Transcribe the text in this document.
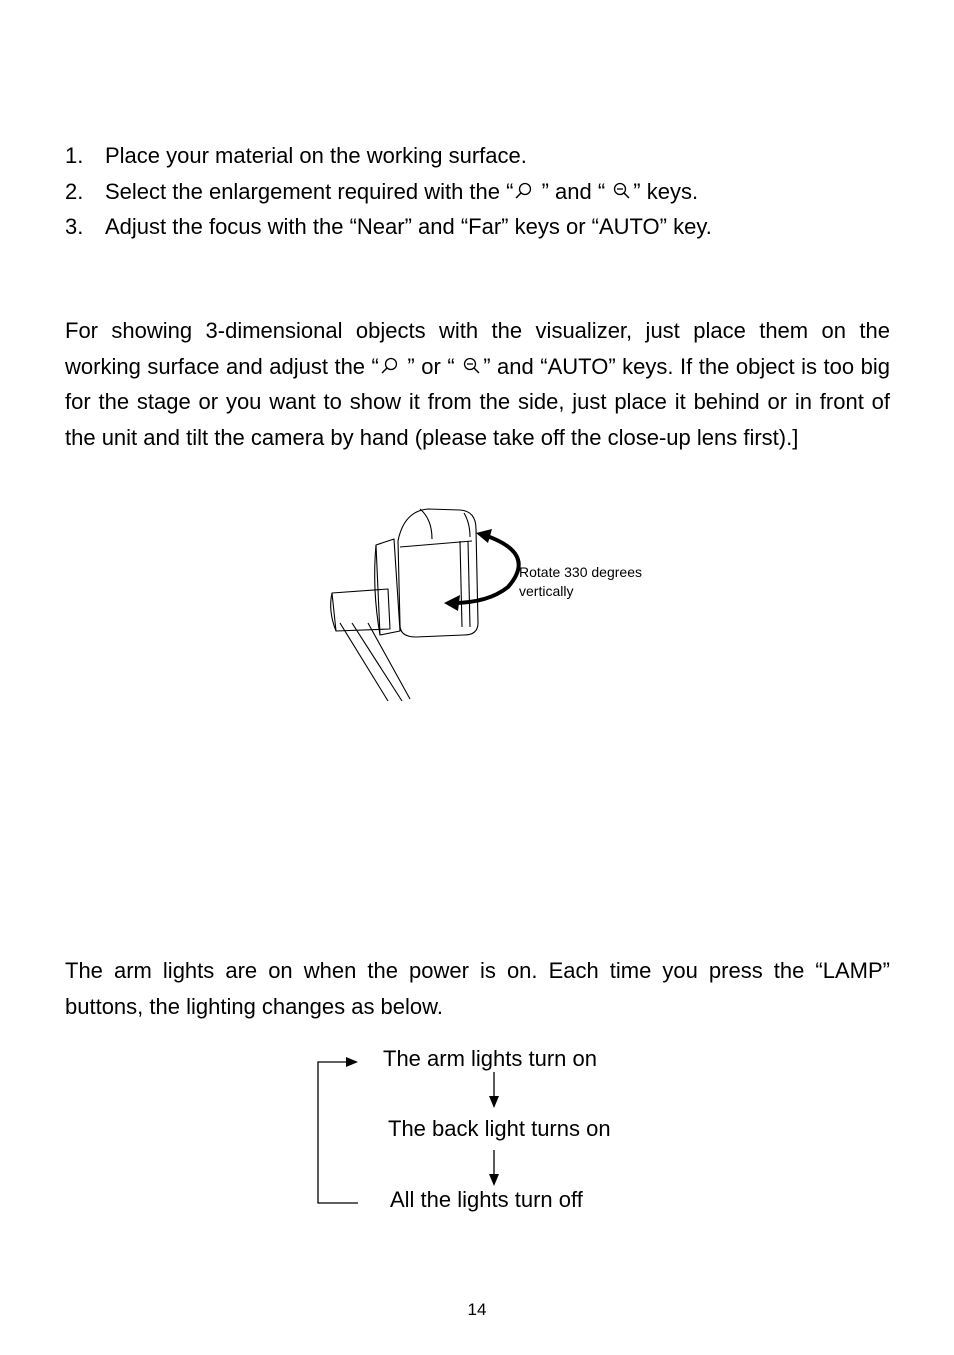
1. Place your material on the working surface.
2. Select the enlargement required with the “ ” and “ ” keys.
3. Adjust the focus with the “Near” and “Far” keys or “AUTO” key.

For showing 3-dimensional objects with the visualizer, just place them on the working surface and adjust the “ ” or “ ” and “AUTO” keys. If the object is too big for the stage or you want to show it from the side, just place it behind or in front of the unit and tilt the camera by hand (please take off the close-up lens first).]

Rotate 330 degrees
vertically

The arm lights are on when the power is on. Each time you press the “LAMP” buttons, the lighting changes as below.

The arm lights turn on
The back light turns on
All the lights turn off
14
